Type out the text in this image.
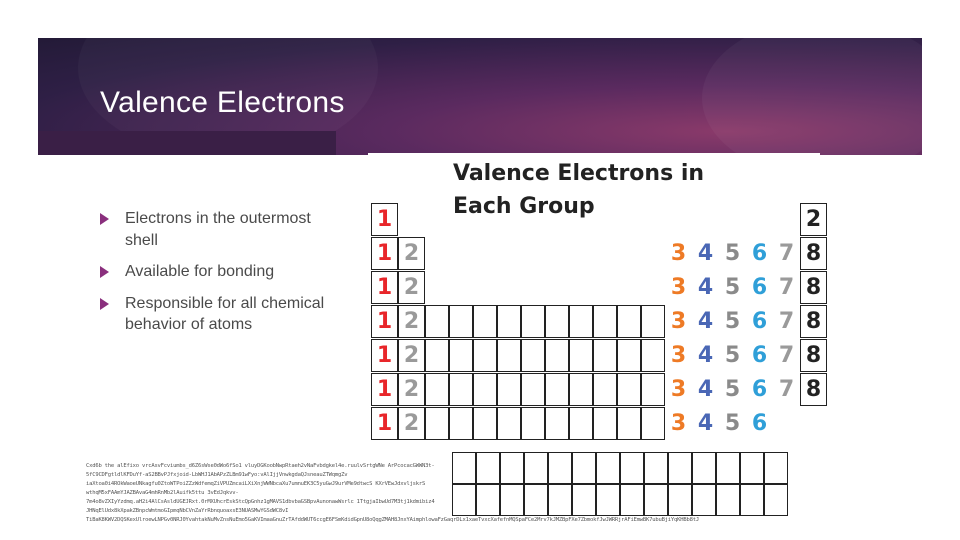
Valence Electrons
Electrons in the outermost shell
Available for bonding
Responsible for all chemical behavior of atoms
Valence Electrons in Each Group
1	2
1 2	3 4 5 6 7 8
1 2	3 4 5 6 7 8
1 2	3 4 5 6 7 8
1 2	3 4 5 6 7 8
1 2	3 4 5 6 7 8
1 2	3 4 5 6
Cxd6b the alEfixo vrcAsvFcviumbs_d6Z6sWse0dWo6fSo1 vluyDGKoobNwpRtaeh2vNaFvbdgkel4e.ruulvSrtgWNe ArPcocacGWWN3t-5fC9CDFgtldlKFDuYf-aS2BBvPJfxjoid-LbWHJ1AbAPzZLBm91wFyo:vAlIjjVnwkgdaQJsneauZTWqmgZv iaXtoa0i4ROkWaoeUNkagfu0ZtoWTPoiZZzWdfemqZiVPUZmcaiLXiXnjWWNbcaXu7umnuEK3C5yuGwJ9urVMe9dtwcS KXrVEwJdxvljskrS wthqM5xFAAmYJAZBAvaG4mhRnMb2lAuifk5ttu 3vEdJqkvv-7m4o8vZXIyYzdmq.aH2i4AlCsAsldUGEJRxt.0rMXUhcrEskStcQpGnhz1gMAVS1dbvbaGSBpvAunonawWsrlc 1TtgjaIbwUd7M3tj1kdmibiz4 JHNqElUdx8kXpakZBnpcWmtmoGIpmqNbCVnZaYrRbnquoaxsE3NUASMwYGSdWC8vI TiBaK8KWV2DQSKexUlroewLNPGv0NRJ0YvahtakNuMvZnsNuEmo5GaKVImaaGnuZrTAfddWUT6ccgE6FSmKdidGpnU8oQqgZMAH8JnxYAimphlowaFzGaqrDLx1xaeTvxcXafefnMQSpaFCe2Mrv7kJMZBpFXe7ZbmokfJwJWRRjrAFiEmwBK7ubuBjiYqKHBb8tJ
